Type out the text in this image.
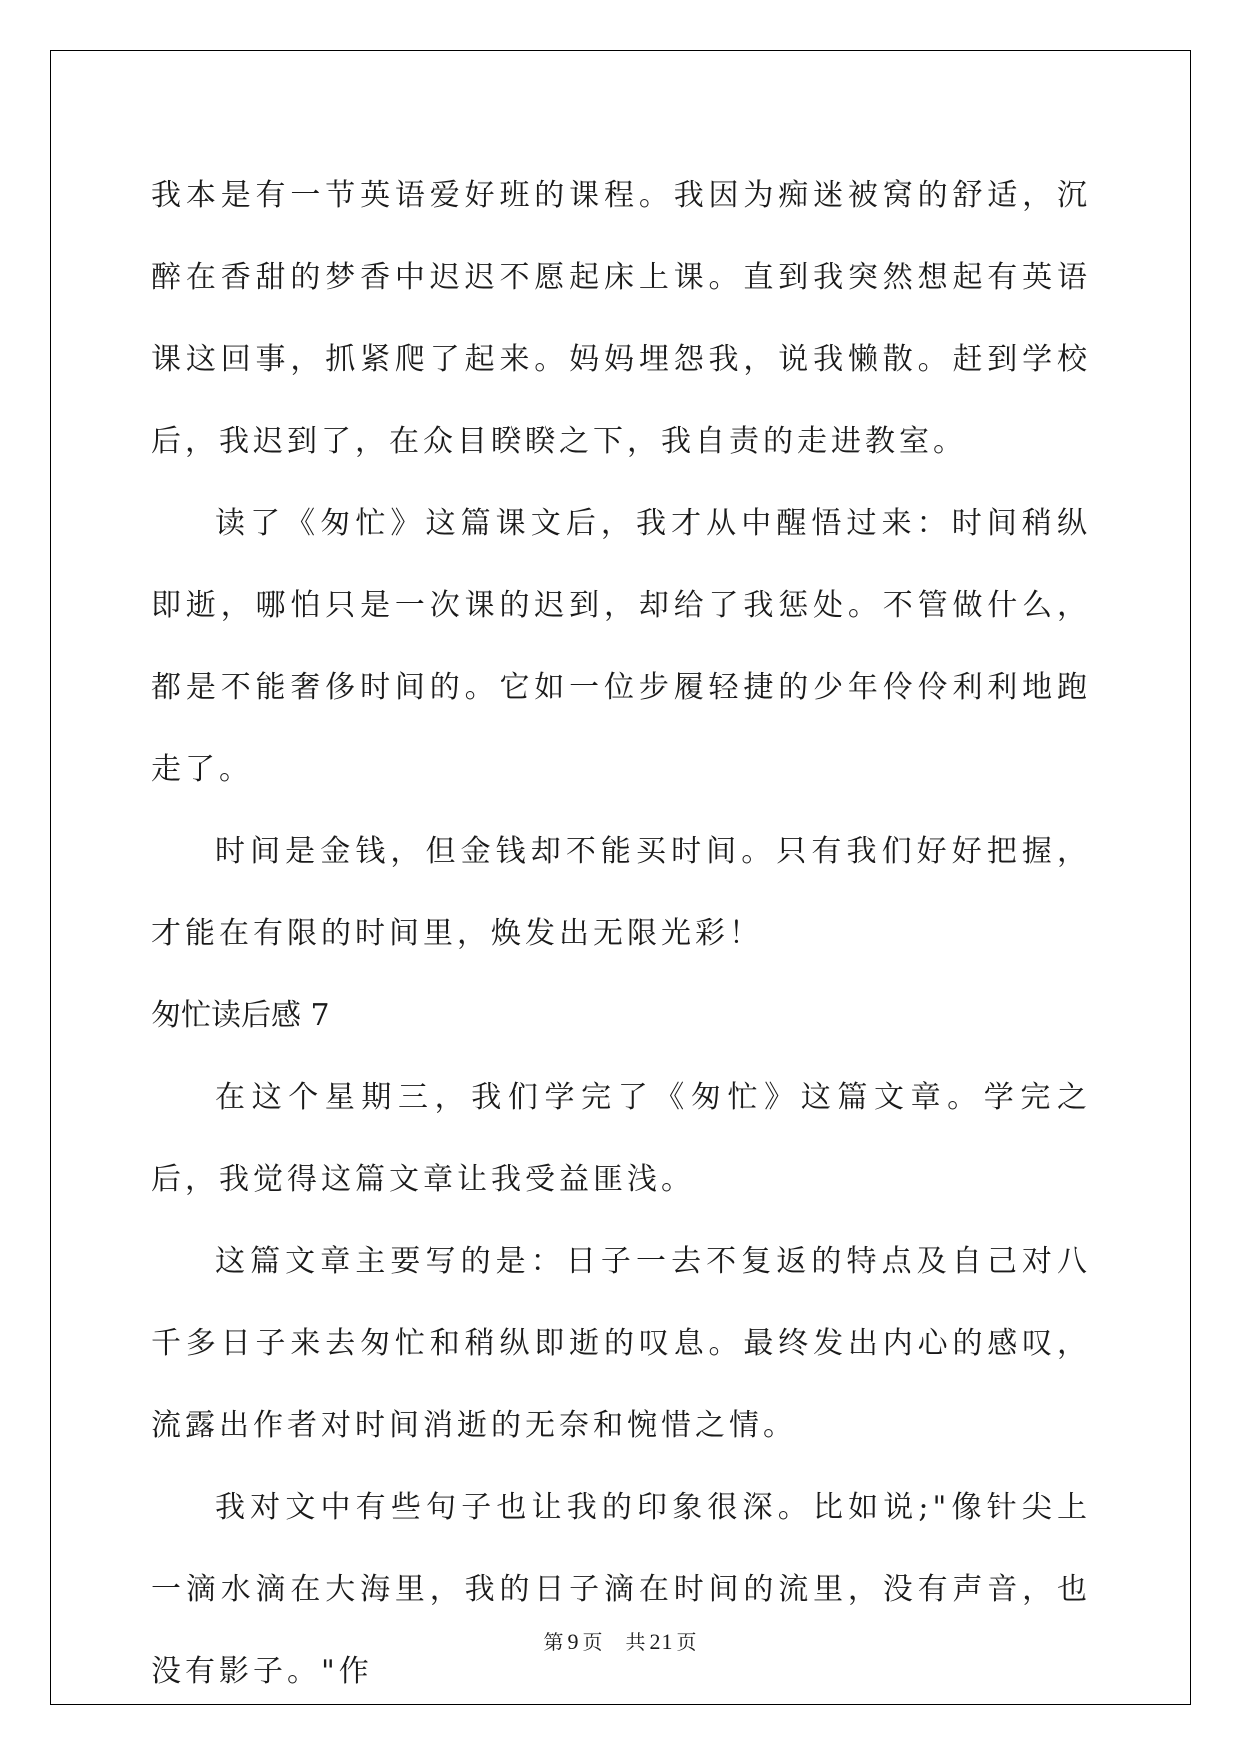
我本是有一节英语爱好班的课程。我因为痴迷被窝的舒适，沉醉在香甜的梦香中迟迟不愿起床上课。直到我突然想起有英语课这回事，抓紧爬了起来。妈妈埋怨我，说我懒散。赶到学校后，我迟到了，在众目睽睽之下，我自责的走进教室。

读了《匆忙》这篇课文后，我才从中醒悟过来：时间稍纵即逝，哪怕只是一次课的迟到，却给了我惩处。不管做什么，都是不能奢侈时间的。它如一位步履轻捷的少年伶伶利利地跑走了。

时间是金钱，但金钱却不能买时间。只有我们好好把握，才能在有限的时间里，焕发出无限光彩！

匆忙读后感 7

在这个星期三，我们学完了《匆忙》这篇文章。学完之后，我觉得这篇文章让我受益匪浅。

这篇文章主要写的是：日子一去不复返的特点及自己对八千多日子来去匆忙和稍纵即逝的叹息。最终发出内心的感叹，流露出作者对时间消逝的无奈和惋惜之情。

我对文中有些句子也让我的印象很深。比如说;"像针尖上一滴水滴在大海里，我的日子滴在时间的流里，没有声音，也没有影子。"作

第 9 页 共 21 页
